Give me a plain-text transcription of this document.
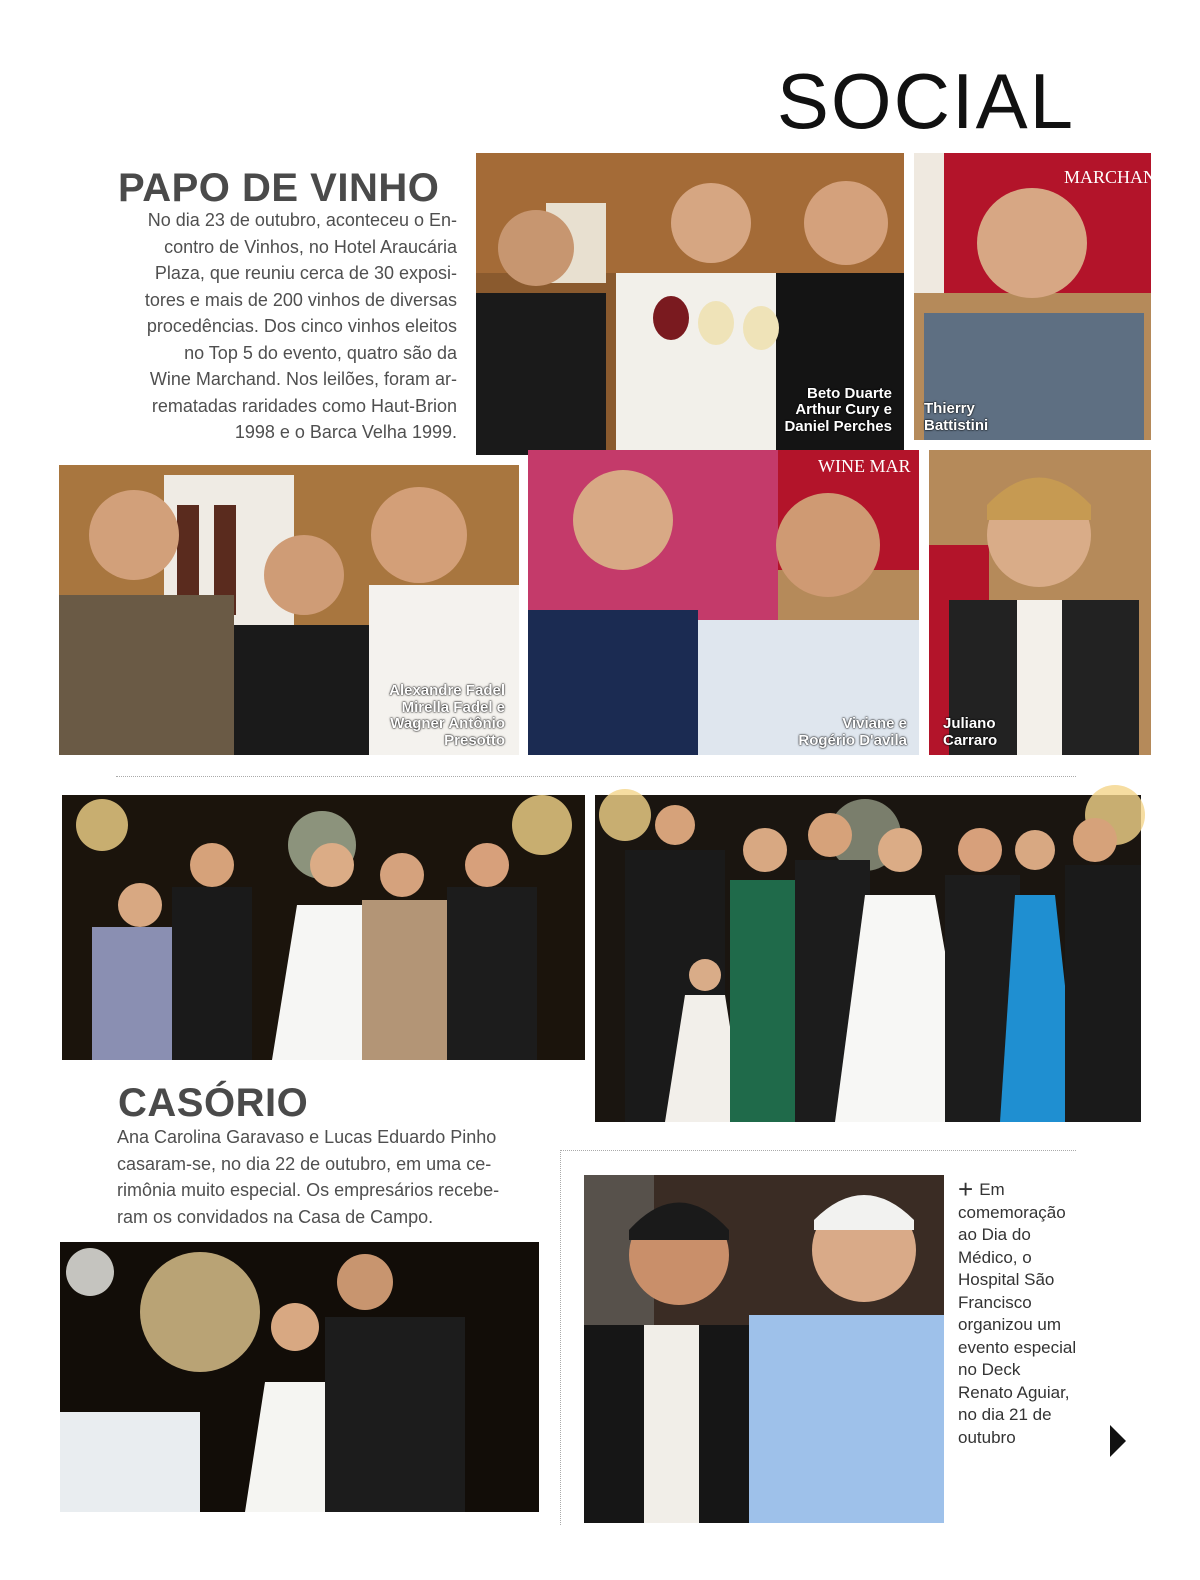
SOCIAL
PAPO DE VINHO
No dia 23 de outubro, aconteceu o En-
contro de Vinhos, no Hotel Araucária
Plaza, que reuniu cerca de 30 exposi-
tores e mais de 200 vinhos de diversas
procedências. Dos cinco vinhos eleitos
no Top 5 do evento, quatro são da
Wine Marchand. Nos leilões, foram ar-
rematadas raridades como Haut-Brion
1998 e o Barca Velha 1999.
Beto Duarte
Arthur Cury e
Daniel Perches
MARCHAND
Thierry
Battistini
Alexandre Fadel
Mirella Fadel e
Wagner Antônio
Presotto
WINE MAR
Viviane e
Rogério D'avila
Juliano
Carraro
CASÓRIO
Ana Carolina Garavaso e Lucas Eduardo Pinho
casaram-se, no dia 22 de outubro, em uma ce-
rimônia muito especial. Os empresários recebe-
ram os convidados na Casa de Campo.
+ Em
comemoração
ao Dia do
Médico, o
Hospital São
Francisco
organizou um
evento especial
no Deck
Renato Aguiar,
no dia 21 de
outubro
